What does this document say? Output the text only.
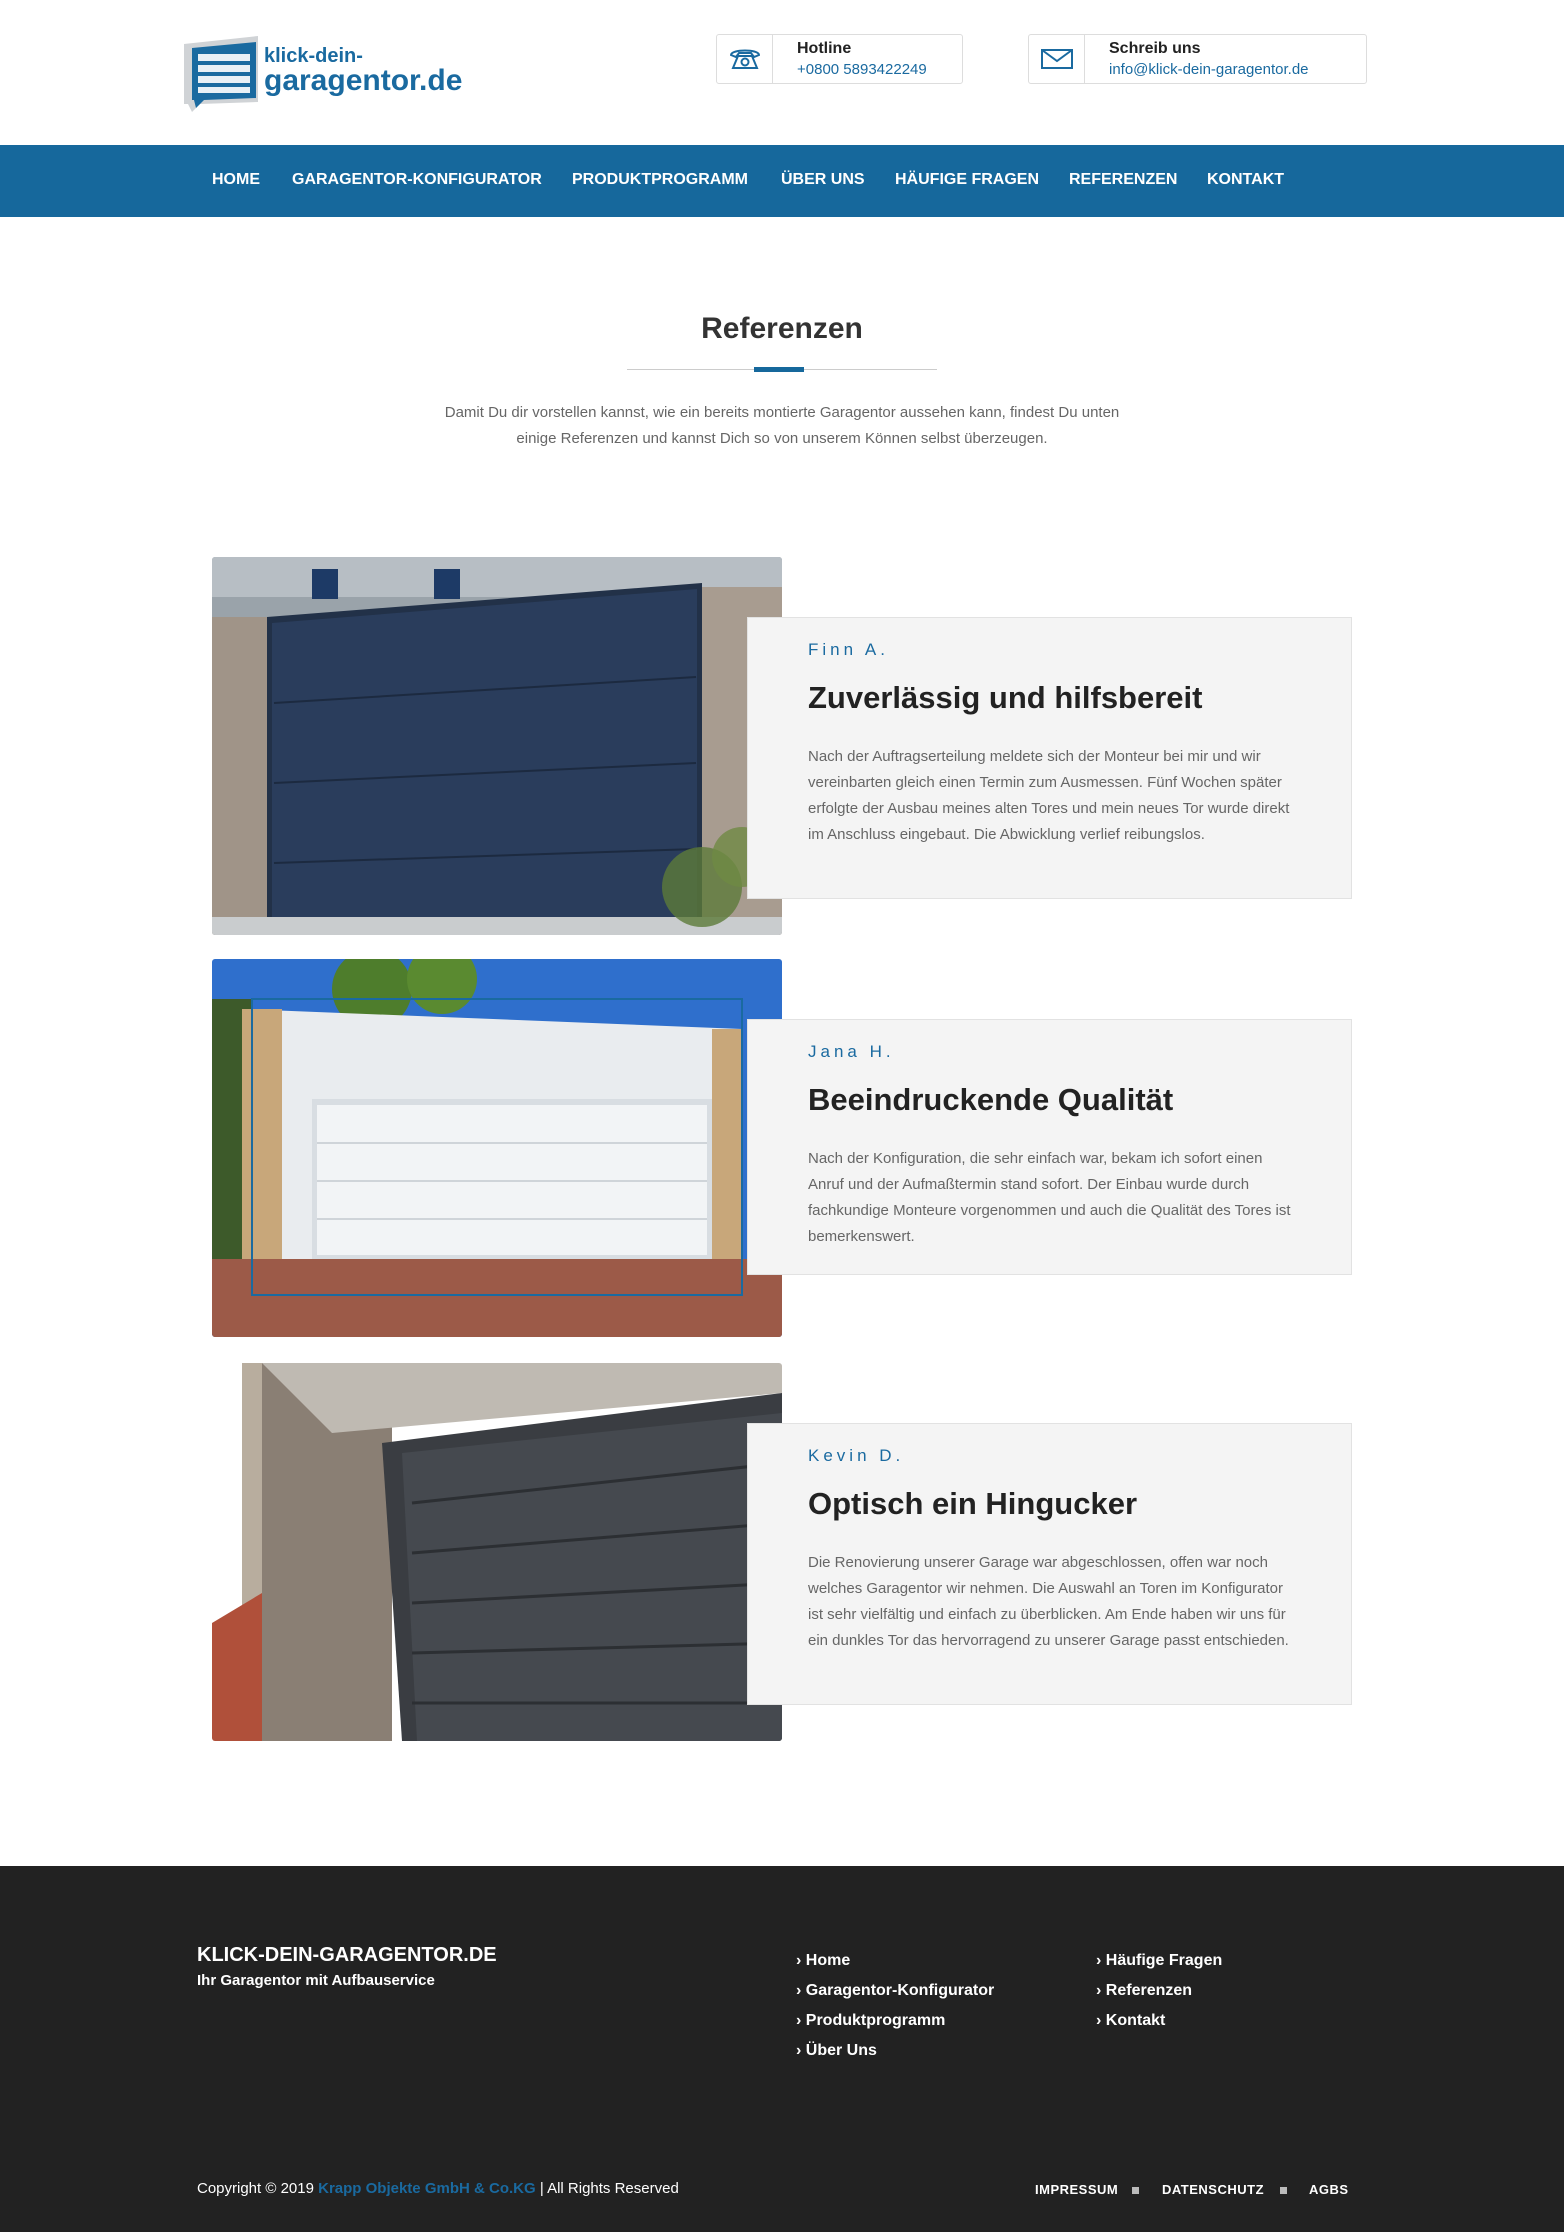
klick-dein-
garagentor.de
Hotline
+0800 5893422249
Schreib uns
info@klick-dein-garagentor.de
HOME GARAGENTOR-KONFIGURATOR PRODUKTPROGRAMM ÜBER UNS HÄUFIGE FRAGEN REFERENZEN KONTAKT
Referenzen

Damit Du dir vorstellen kannst, wie ein bereits montierte Garagentor aussehen kann, findest Du unten einige Referenzen und kannst Dich so von unserem Können selbst überzeugen.

Finn A.
Zuverlässig und hilfsbereit
Nach der Auftragserteilung meldete sich der Monteur bei mir und wir vereinbarten gleich einen Termin zum Ausmessen. Fünf Wochen später erfolgte der Ausbau meines alten Tores und mein neues Tor wurde direkt im Anschluss eingebaut. Die Abwicklung verlief reibungslos.
Jana H.
Beeindruckende Qualität
Nach der Konfiguration, die sehr einfach war, bekam ich sofort einen Anruf und der Aufmaßtermin stand sofort. Der Einbau wurde durch fachkundige Monteure vorgenommen und auch die Qualität des Tores ist bemerkenswert.
Kevin D.
Optisch ein Hingucker
Die Renovierung unserer Garage war abgeschlossen, offen war noch welches Garagentor wir nehmen. Die Auswahl an Toren im Konfigurator ist sehr vielfältig und einfach zu überblicken. Am Ende haben wir uns für ein dunkles Tor das hervorragend zu unserer Garage passt entschieden.
KLICK-DEIN-GARAGENTOR.DE
Ihr Garagentor mit Aufbauservice
› Home
› Garagentor-Konfigurator
› Produktprogramm
› Über Uns
› Häufige Fragen
› Referenzen
› Kontakt
Copyright © 2019 Krapp Objekte GmbH & Co.KG | All Rights Reserved	IMPRESSUM	DATENSCHUTZ	AGBS
